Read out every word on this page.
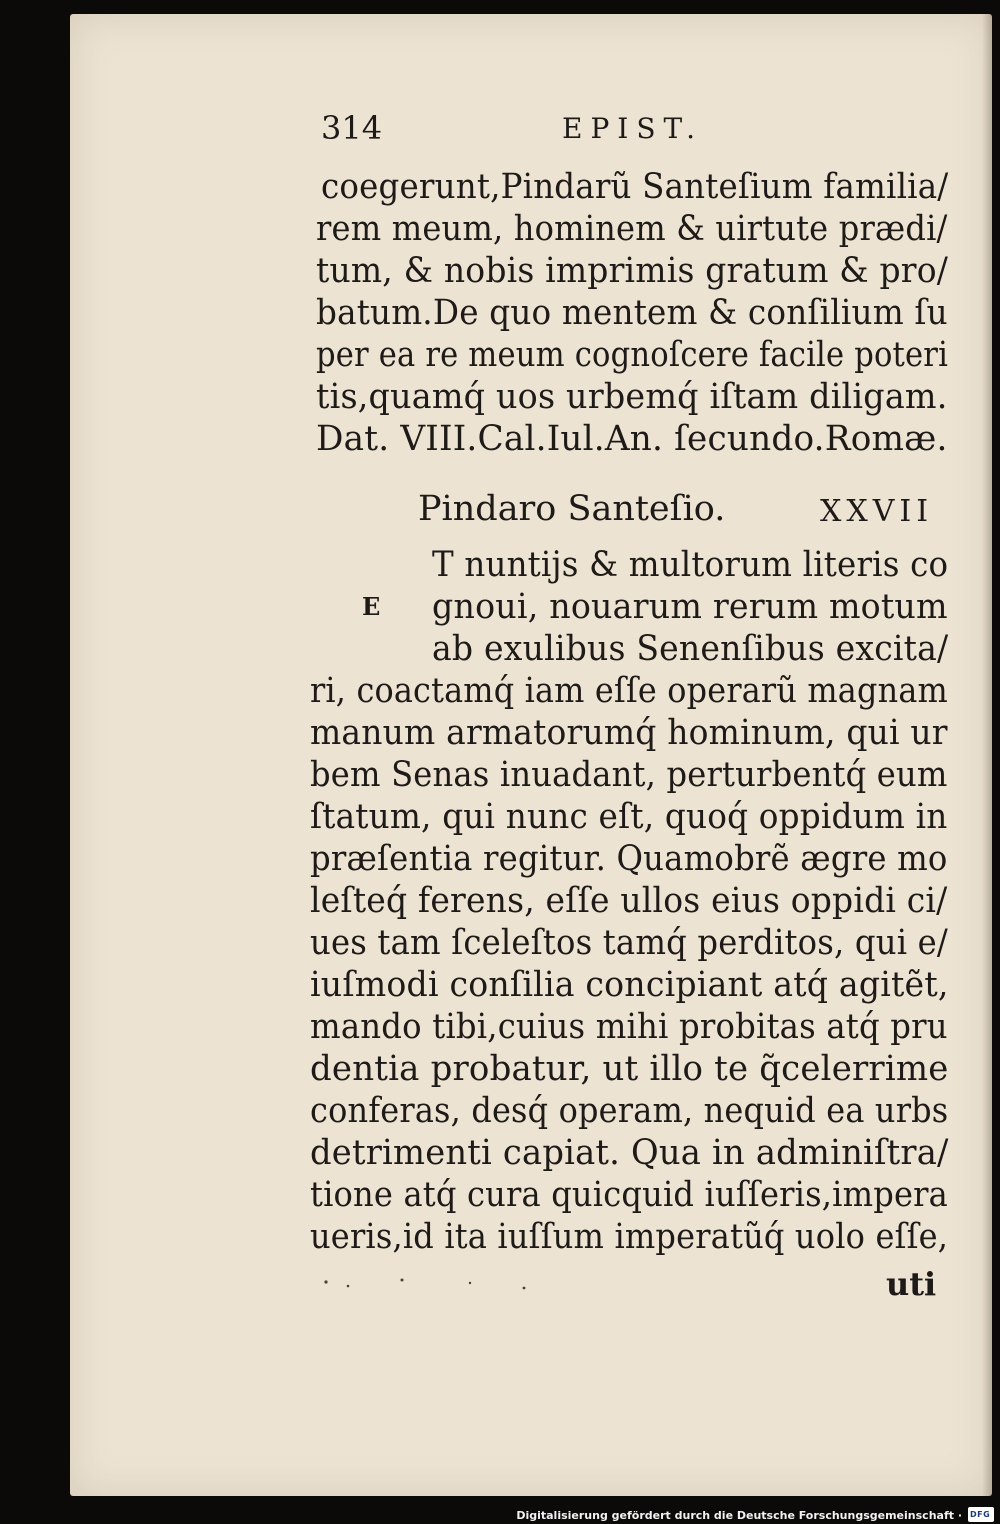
314	EPIST.
coegerunt,Pindarũ Santeſium familia/
rem meum, hominem & uirtute prædi/
tum, & nobis imprimis gratum & pro/
batum.De quo mentem & conſilium ſu
per ea re meum cognoſcere facile poteri
tis,quamq́ uos urbemq́ iſtam diligam.
Dat. VIII.Cal.Iul.An. ſecundo.Romæ.
Pindaro Santeſio.	XXVII
E
T nuntijs & multorum literis co
gnoui, nouarum rerum motum
ab exulibus Senenſibus excita/
ri, coactamq́ iam eſſe operarũ magnam
manum armatorumq́ hominum, qui ur
bem Senas inuadant, perturbentq́ eum
ſtatum, qui nunc eſt, quoq́ oppidum in
præſentia regitur. Quamobrẽ ægre mo
leſteq́ ferens, eſſe ullos eius oppidi ci/
ues tam ſceleſtos tamq́ perditos, qui e/
iuſmodi conſilia concipiant atq́ agitẽt,
mando tibi,cuius mihi probitas atq́ pru
dentia probatur, ut illo te q̃celerrime
conferas, desq́ operam, nequid ea urbs
detrimenti capiat. Qua in adminiſtra/
tione atq́ cura quicquid iuſſeris,impera
ueris,id ita iuſſum imperatũq́ uolo eſſe,
uti
Digitalisierung gefördert durch die Deutsche Forschungsgemeinschaft · DFG
